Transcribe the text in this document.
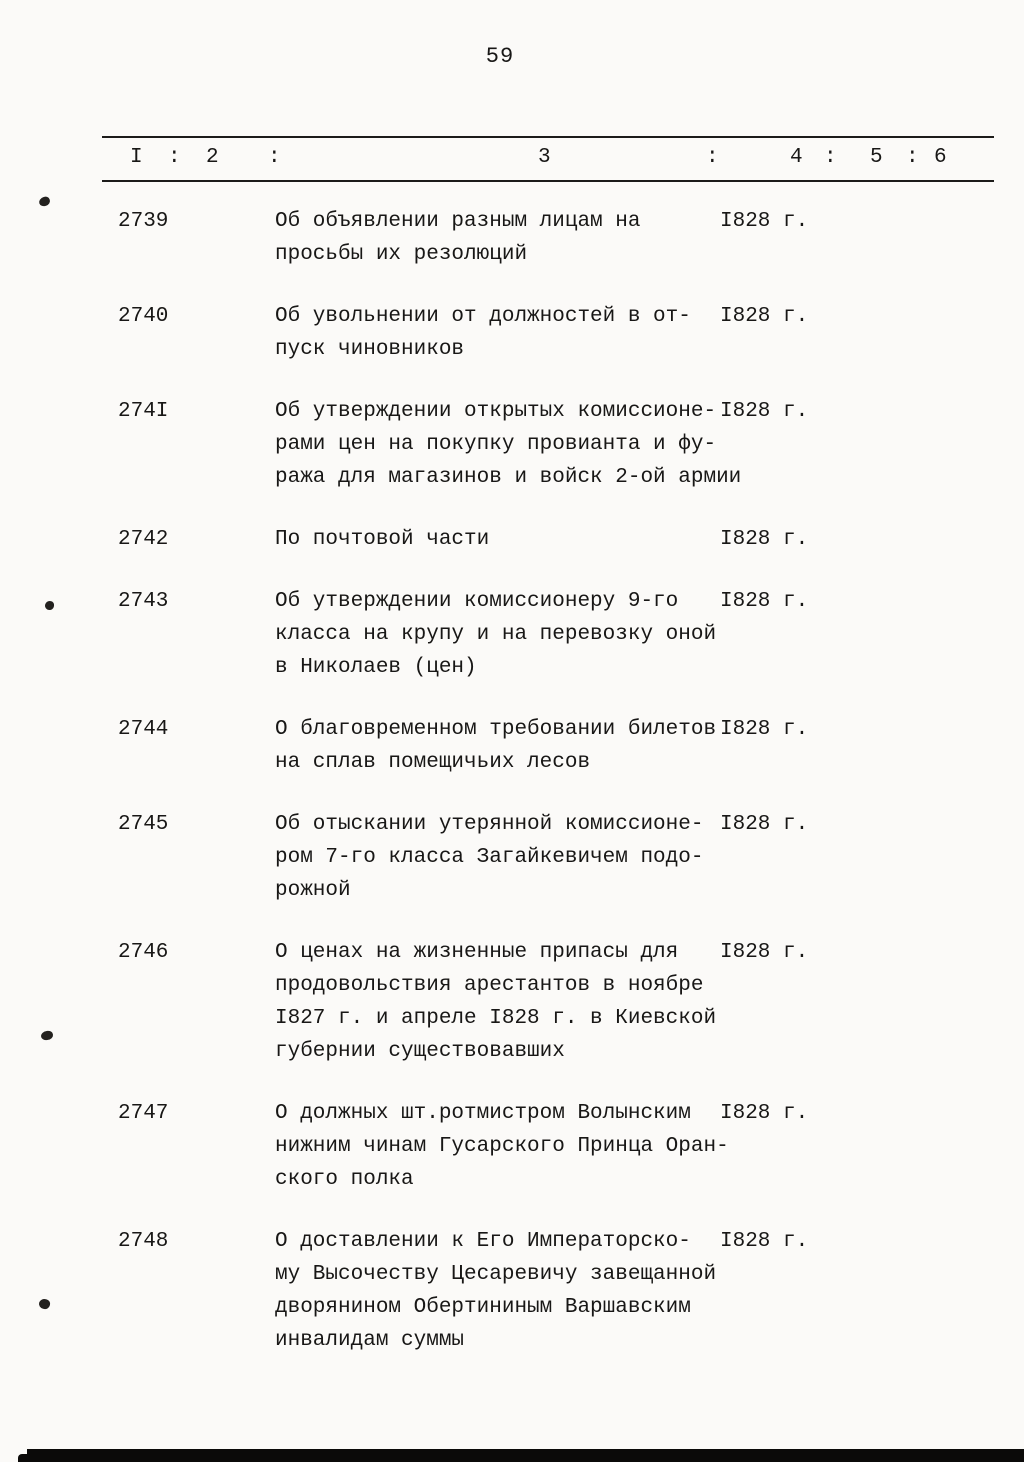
59
I : 2 :	3	:	4 : 5 : 6
2739	Об объявлении разным лицам на
просьбы их резолюций
I828 г.
2740	Об увольнении от должностей в от-
пуск чиновников
I828 г.
274I	Об утверждении открытых комиссионе-
рами цен на покупку провианта и фу-
ража для магазинов и войск 2-ой армии
I828 г.
2742	По почтовой части	I828 г.
2743	Об утверждении комиссионеру 9-го
класса на крупу и на перевозку оной
в Николаев (цен)
I828 г.
2744	О благовременном требовании билетов
на сплав помещичьих лесов
I828 г.
2745	Об отыскании утерянной комиссионе-
ром 7-го класса Загайкевичем подо-
рожной
I828 г.
2746	О ценах на жизненные припасы для
продовольствия арестантов в ноябре
I827 г. и апреле I828 г. в Киевской
губернии существовавших
I828 г.
2747	О должных шт.ротмистром Волынским
нижним чинам Гусарского Принца Оран-
ского полка
I828 г.
2748	О доставлении к Его Императорско-
му Высочеству Цесаревичу завещанной
дворянином Обертининым Варшавским
инвалидам суммы
I828 г.
